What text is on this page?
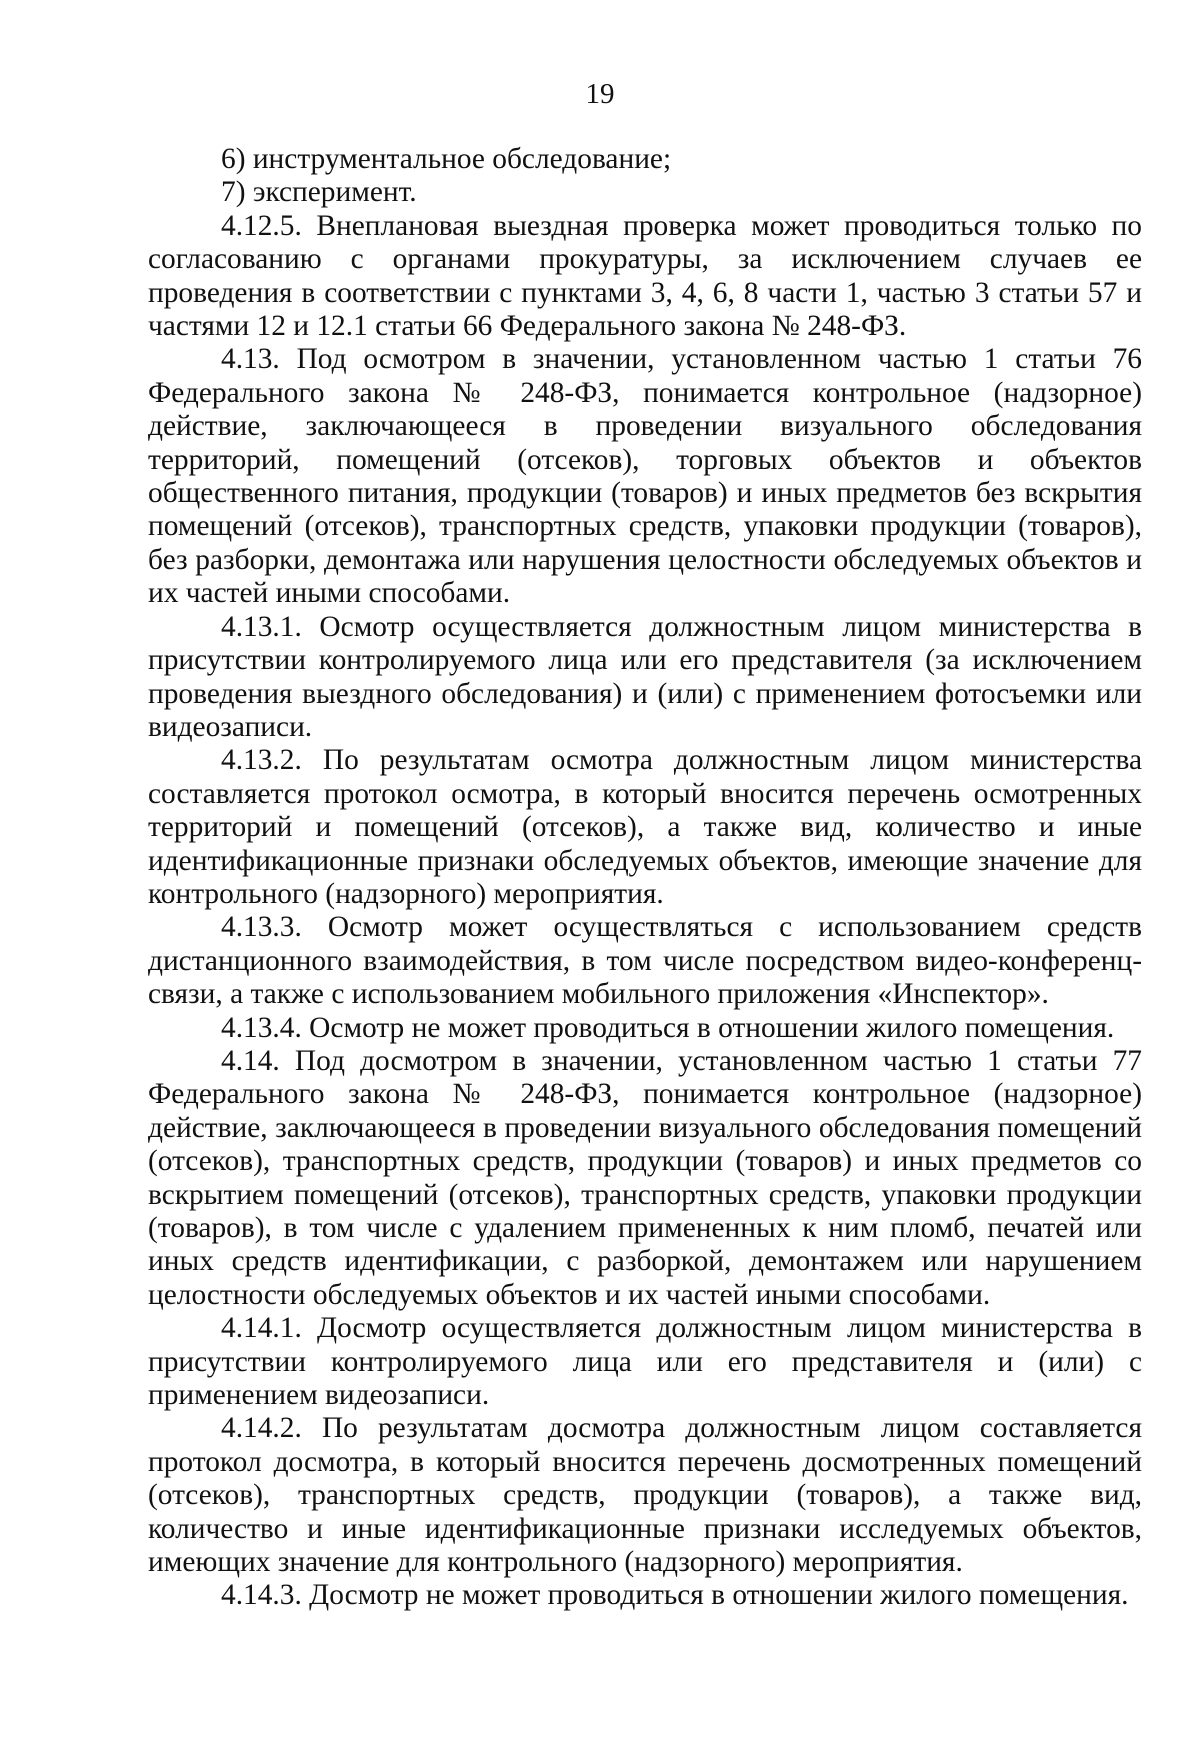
19

6) инструментальное обследование;

7) эксперимент.

4.12.5. Внеплановая выездная проверка может проводиться только по согласованию с органами прокуратуры, за исключением случаев ее проведения в соответствии с пунктами 3, 4, 6, 8 части 1, частью 3 статьи 57 и частями 12 и 12.1 статьи 66 Федерального закона № 248-ФЗ.

4.13. Под осмотром в значении, установленном частью 1 статьи 76 Федерального закона № 248-ФЗ, понимается контрольное (надзорное) действие, заключающееся в проведении визуального обследования территорий, помещений (отсеков), торговых объектов и объектов общественного питания, продукции (товаров) и иных предметов без вскрытия помещений (отсеков), транспортных средств, упаковки продукции (товаров), без разборки, демонтажа или нарушения целостности обследуемых объектов и их частей иными способами.

4.13.1. Осмотр осуществляется должностным лицом министерства в присутствии контролируемого лица или его представителя (за исключением проведения выездного обследования) и (или) с применением фотосъемки или видеозаписи.

4.13.2. По результатам осмотра должностным лицом министерства составляется протокол осмотра, в который вносится перечень осмотренных территорий и помещений (отсеков), а также вид, количество и иные идентификационные признаки обследуемых объектов, имеющие значение для контрольного (надзорного) мероприятия.

4.13.3. Осмотр может осуществляться с использованием средств дистанционного взаимодействия, в том числе посредством видео-конференц-связи, а также с использованием мобильного приложения «Инспектор».

4.13.4. Осмотр не может проводиться в отношении жилого помещения.

4.14. Под досмотром в значении, установленном частью 1 статьи 77 Федерального закона № 248-ФЗ, понимается контрольное (надзорное) действие, заключающееся в проведении визуального обследования помещений (отсеков), транспортных средств, продукции (товаров) и иных предметов со вскрытием помещений (отсеков), транспортных средств, упаковки продукции (товаров), в том числе с удалением примененных к ним пломб, печатей или иных средств идентификации, с разборкой, демонтажем или нарушением целостности обследуемых объектов и их частей иными способами.

4.14.1. Досмотр осуществляется должностным лицом министерства в присутствии контролируемого лица или его представителя и (или) с применением видеозаписи.

4.14.2. По результатам досмотра должностным лицом составляется протокол досмотра, в который вносится перечень досмотренных помещений (отсеков), транспортных средств, продукции (товаров), а также вид, количество и иные идентификационные признаки исследуемых объектов, имеющих значение для контрольного (надзорного) мероприятия.

4.14.3. Досмотр не может проводиться в отношении жилого помещения.
